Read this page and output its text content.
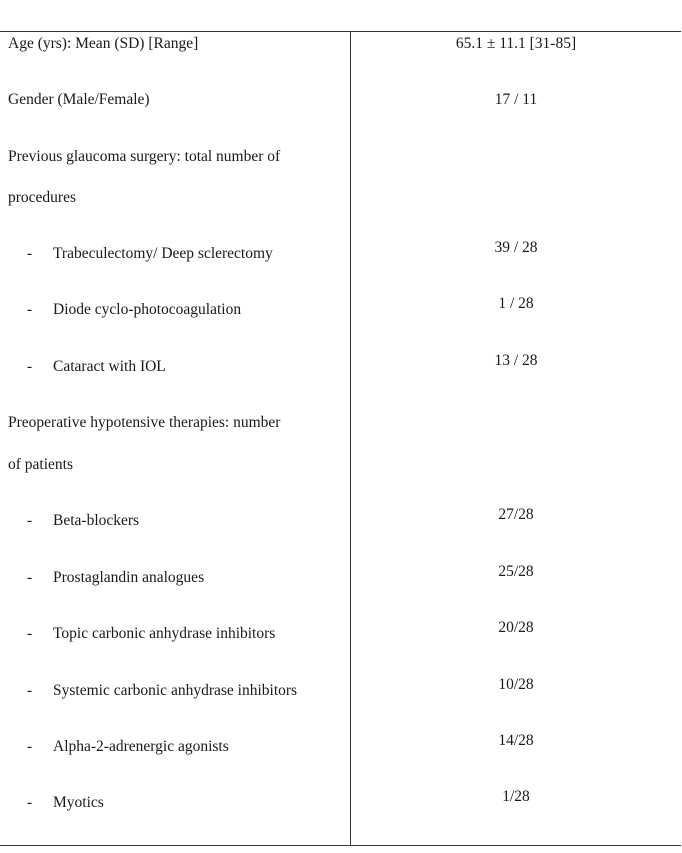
Age (yrs): Mean (SD) [Range]	65.1 ± 11.1 [31-85]
Gender (Male/Female)	17 / 11
Previous glaucoma surgery: total number of
procedures
- Trabeculectomy/ Deep sclerectomy	39 / 28
- Diode cyclo-photocoagulation	1 / 28
- Cataract with IOL	13 / 28
Preoperative hypotensive therapies: number
of patients
- Beta-blockers	27/28
- Prostaglandin analogues	25/28
- Topic carbonic anhydrase inhibitors	20/28
- Systemic carbonic anhydrase inhibitors	10/28
- Alpha-2-adrenergic agonists	14/28
- Myotics	1/28
